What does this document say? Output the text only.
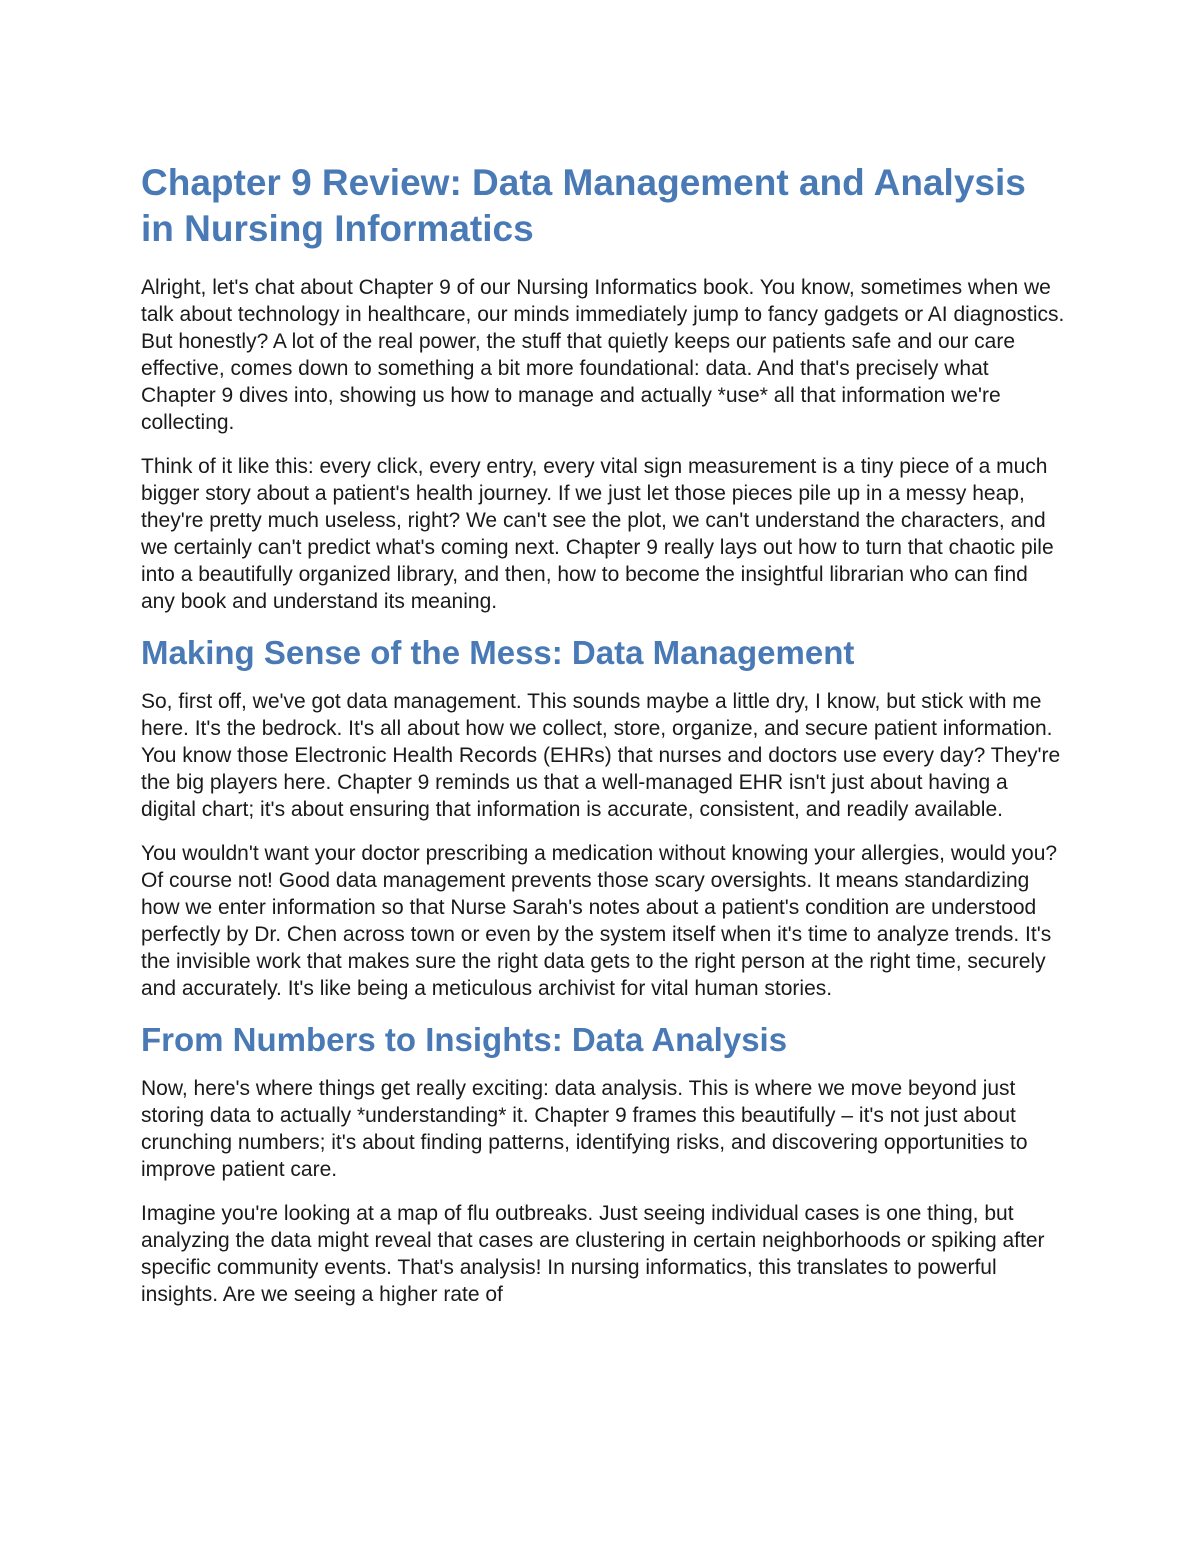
Chapter 9 Review: Data Management and Analysis in Nursing Informatics

Alright, let's chat about Chapter 9 of our Nursing Informatics book. You know, sometimes when we talk about technology in healthcare, our minds immediately jump to fancy gadgets or AI diagnostics. But honestly? A lot of the real power, the stuff that quietly keeps our patients safe and our care effective, comes down to something a bit more foundational: data. And that's precisely what Chapter 9 dives into, showing us how to manage and actually *use* all that information we're collecting.

Think of it like this: every click, every entry, every vital sign measurement is a tiny piece of a much bigger story about a patient's health journey. If we just let those pieces pile up in a messy heap, they're pretty much useless, right? We can't see the plot, we can't understand the characters, and we certainly can't predict what's coming next. Chapter 9 really lays out how to turn that chaotic pile into a beautifully organized library, and then, how to become the insightful librarian who can find any book and understand its meaning.

Making Sense of the Mess: Data Management

So, first off, we've got data management. This sounds maybe a little dry, I know, but stick with me here. It's the bedrock. It's all about how we collect, store, organize, and secure patient information. You know those Electronic Health Records (EHRs) that nurses and doctors use every day? They're the big players here. Chapter 9 reminds us that a well-managed EHR isn't just about having a digital chart; it's about ensuring that information is accurate, consistent, and readily available.

You wouldn't want your doctor prescribing a medication without knowing your allergies, would you? Of course not! Good data management prevents those scary oversights. It means standardizing how we enter information so that Nurse Sarah's notes about a patient's condition are understood perfectly by Dr. Chen across town or even by the system itself when it's time to analyze trends. It's the invisible work that makes sure the right data gets to the right person at the right time, securely and accurately. It's like being a meticulous archivist for vital human stories.

From Numbers to Insights: Data Analysis

Now, here's where things get really exciting: data analysis. This is where we move beyond just storing data to actually *understanding* it. Chapter 9 frames this beautifully – it's not just about crunching numbers; it's about finding patterns, identifying risks, and discovering opportunities to improve patient care.

Imagine you're looking at a map of flu outbreaks. Just seeing individual cases is one thing, but analyzing the data might reveal that cases are clustering in certain neighborhoods or spiking after specific community events. That's analysis! In nursing informatics, this translates to powerful insights. Are we seeing a higher rate of
